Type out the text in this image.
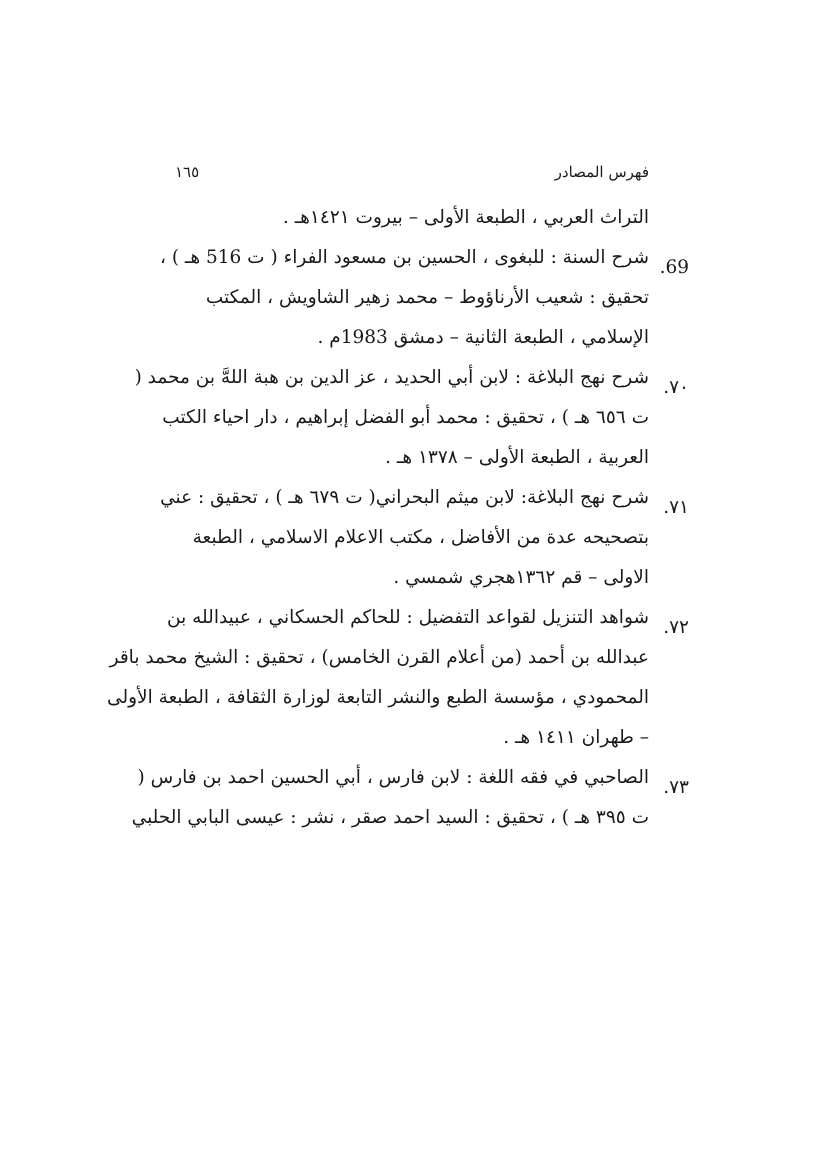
فهرس المصادر
١٦٥
التراث العربي ، الطبعة الأولى – بيروت ١٤٢١هـ .
69.
شرح السنة : للبغوى ، الحسين بن مسعود الفراء ( ت 516 هـ ) ،
تحقيق : شعيب الأرناؤوط – محمد زهير الشاويش ، المكتب
الإسلامي ، الطبعة الثانية – دمشق 1983م .
٧٠.
شرح نهج البلاغة : لابن أبي الحديد ، عز الدين بن هبة اللهَّ بن محمد (
ت ٦٥٦ هـ ) ، تحقيق : محمد أبو الفضل إبراهيم ، دار احياء الكتب
العربية ، الطبعة الأولى – ١٣٧٨ هـ .
٧١.
شرح نهج البلاغة: لابن ميثم البحراني( ت ٦٧٩ هـ ) ، تحقيق : عني
بتصحيحه عدة من الأفاضل ، مكتب الاعلام الاسلامي ، الطبعة
الاولى – قم ١٣٦٢هجري شمسي .
٧٢.
شواهد التنزيل لقواعد التفضيل : للحاكم الحسكاني ، عبيدالله بن
عبدالله بن أحمد (من أعلام القرن الخامس) ، تحقيق : الشيخ محمد باقر
المحمودي ، مؤسسة الطبع والنشر التابعة لوزارة الثقافة ، الطبعة الأولى
– طهران ١٤١١ هـ .
٧٣.
الصاحبي في فقه اللغة : لابن فارس ، أبي الحسين احمد بن فارس (
ت ٣٩٥ هـ ) ، تحقيق : السيد احمد صقر ، نشر : عيسى البابي الحلبي
